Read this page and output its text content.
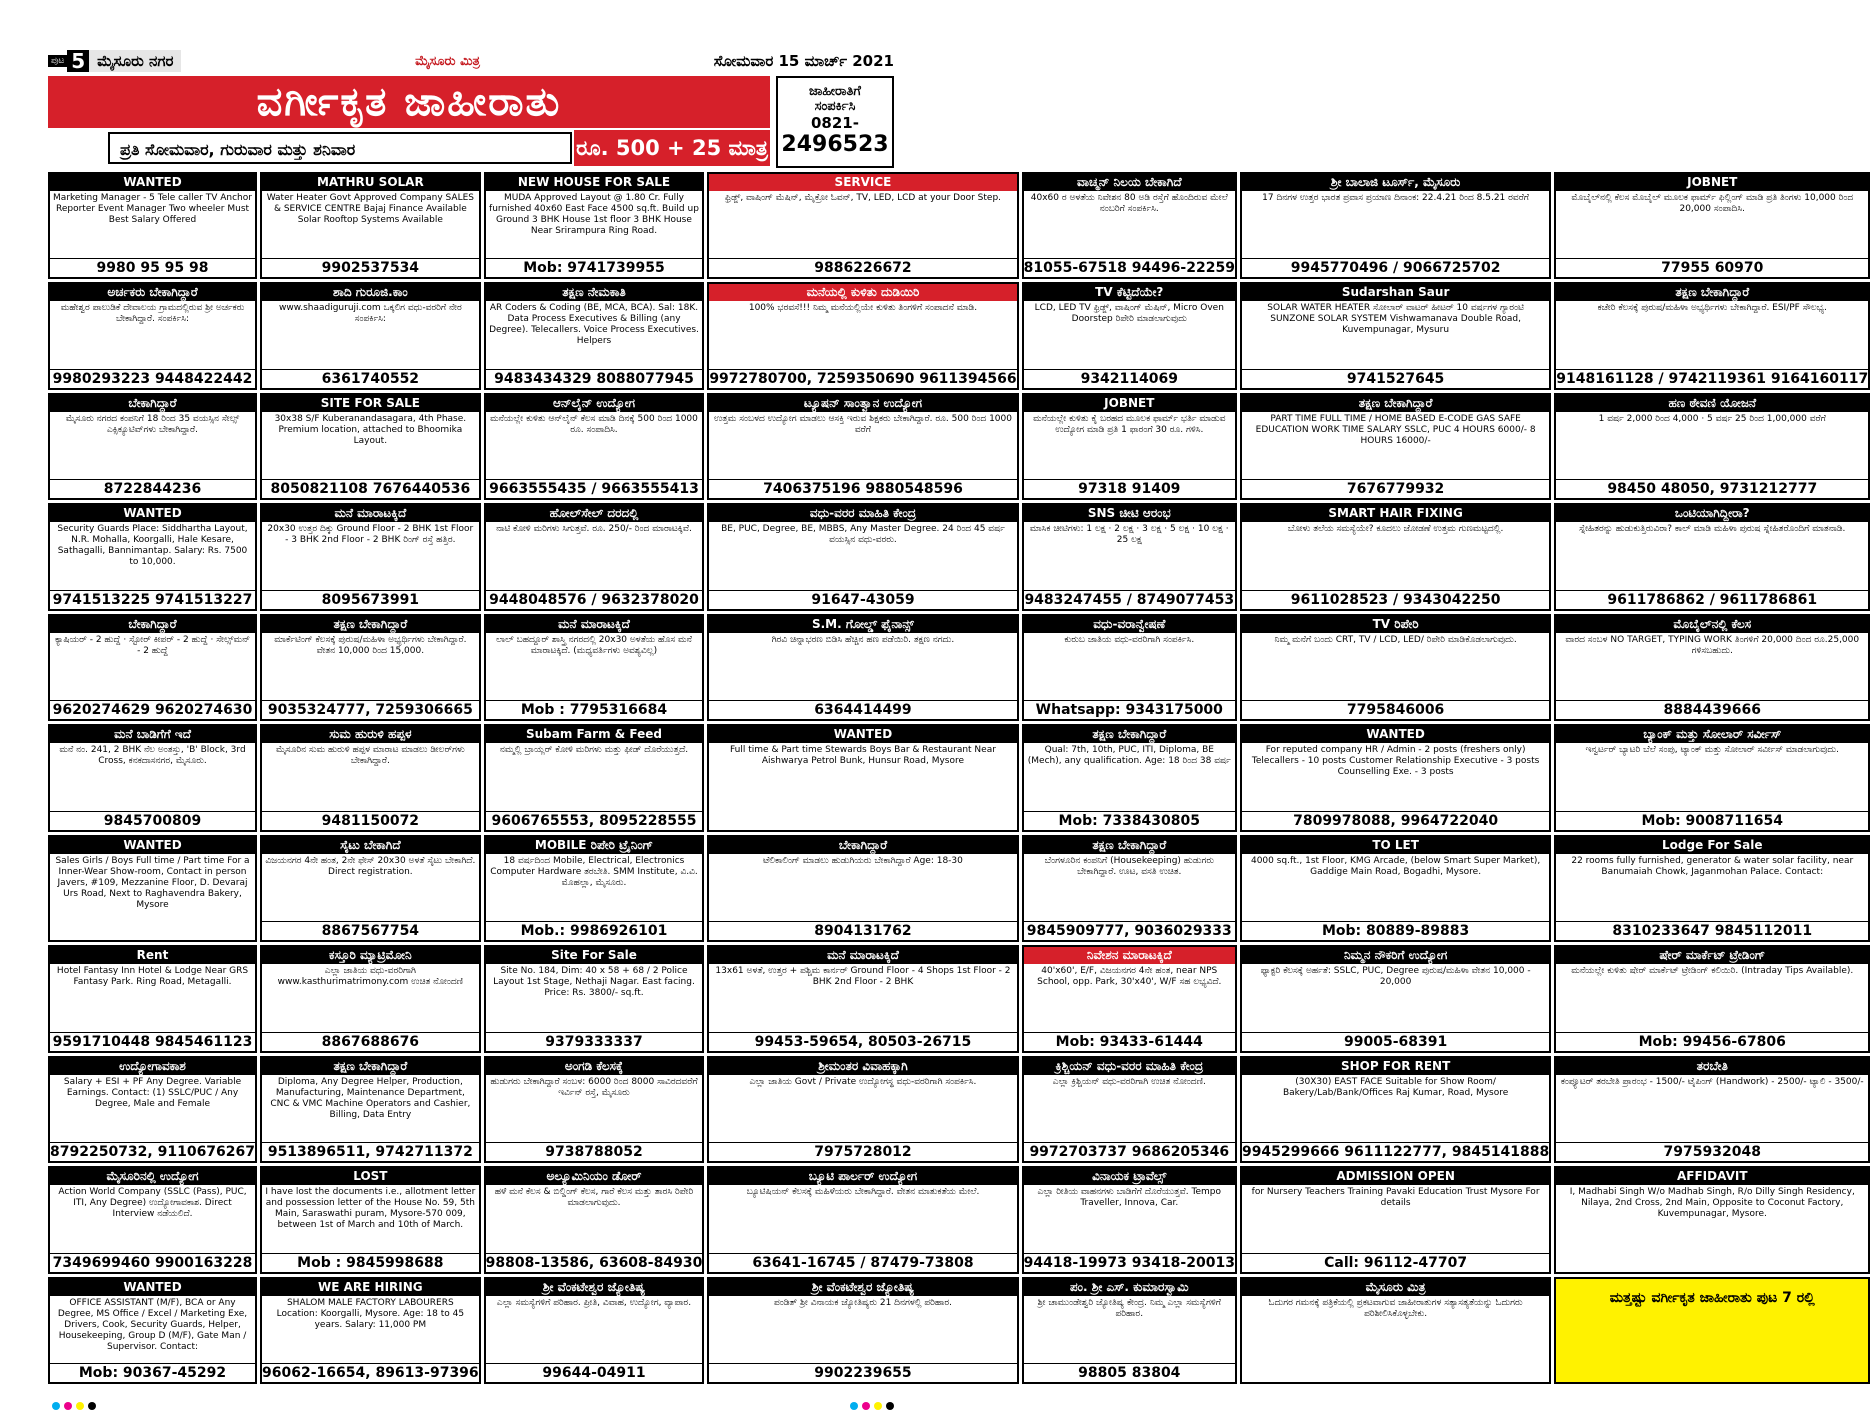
ಪುಟ 5 ಮೈಸೂರು ನಗರ	ಮೈಸೂರು ಮಿತ್ರ	ಸೋಮವಾರ 15 ಮಾರ್ಚ್ 2021
ವರ್ಗೀಕೃತ ಜಾಹೀರಾತು
ಪ್ರತಿ ಸೋಮವಾರ, ಗುರುವಾರ ಮತ್ತು ಶನಿವಾರ	ರೂ. 500 + 25 ಮಾತ್ರ
ಜಾಹೀರಾತಿಗೆ
ಸಂಪರ್ಕಿಸಿ
0821-
2496523
WANTED
Marketing Manager - 5 Tele caller TV Anchor Reporter Event Manager Two wheeler Must Best Salary Offered
9980 95 95 98
MATHRU SOLAR
Water Heater Govt Approved Company SALES & SERVICE CENTRE Bajaj Finance Available Solar Rooftop Systems Available
9902537534
NEW HOUSE FOR SALE
MUDA Approved Layout @ 1.80 Cr. Fully furnished 40x60 East Face 4500 sq.ft. Build up Ground 3 BHK House 1st floor 3 BHK House Near Srirampura Ring Road.
Mob: 9741739955
SERVICE
ಫ್ರಿಡ್ಜ್, ವಾಷಿಂಗ್ ಮೆಷಿನ್, ಮೈಕ್ರೋ ಓವನ್, TV, LED, LCD at your Door Step.
9886226672
ವಾಚ್ಮನ್ ನಿಲಯ ಬೇಕಾಗಿದೆ
40x60 ರ ಅಳತೆಯ ನಿವೇಶನ 80 ಅಡಿ ರಸ್ತೆಗೆ ಹೊಂದಿರುವ ಮೇಲೆ ನಂಬರಿಗೆ ಸಂಪರ್ಕಿಸಿ.
81055-67518 94496-22259
ಶ್ರೀ ಬಾಲಾಜಿ ಟೂರ್ಸ್, ಮೈಸೂರು
17 ದಿನಗಳ ಉತ್ತರ ಭಾರತ ಪ್ರವಾಸ ಪ್ರಯಾಣ ದಿನಾಂಕ: 22.4.21 ರಿಂದ 8.5.21 ರವರೆಗೆ
9945770496 / 9066725702
JOBNET
ಮೊಬೈಲ್‌ನಲ್ಲಿ ಕೆಲಸ ಮೊಬೈಲ್ ಮೂಲಕ ಫಾರ್ಮ್ ಫಿಲ್ಲಿಂಗ್ ಮಾಡಿ ಪ್ರತಿ ತಿಂಗಳು 10,000 ರಿಂದ 20,000 ಸಂಪಾದಿಸಿ.
77955 60970
ಅರ್ಚಕರು ಬೇಕಾಗಿದ್ದಾರೆ
ಮಹೇಶ್ವರ ಪಾಲುಡಿಕೆ ದೇವಾಲಯ ಗ್ರಾಮದಲ್ಲಿರುವ ಶ್ರೀ ಅರ್ಚಕರು ಬೇಕಾಗಿದ್ದಾರೆ. ಸಂಪರ್ಕಿಸಿ:
9980293223 9448422442
ಶಾದಿ ಗುರೂಜಿ.ಕಾಂ
www.shaadiguruji.com ಒಕ್ಕಲಿಗ ವಧು-ವರರಿಗೆ ನೇರ ಸಂಪರ್ಕಿಸಿ:
6361740552
ತಕ್ಷಣ ನೇಮಕಾತಿ
AR Coders & Coding (BE, MCA, BCA). Sal: 18K. Data Process Executives & Billing (any Degree). Telecallers. Voice Process Executives. Helpers
9483434329 8088077945
ಮನೆಯಲ್ಲಿ ಕುಳಿತು ದುಡಿಯಿರಿ
100% ಭರವಸೆ!!! ನಿಮ್ಮ ಮನೆಯಲ್ಲಿಯೇ ಕುಳಿತು ತಿಂಗಳಿಗೆ ಸಂಪಾದನೆ ಮಾಡಿ.
9972780700, 7259350690 9611394566
TV ಕೆಟ್ಟಿದೆಯೇ?
LCD, LED TV ಫ್ರಿಡ್ಜ್, ವಾಷಿಂಗ್ ಮೆಷಿನ್, Micro Oven Doorstep ರಿಪೇರಿ ಮಾಡಲಾಗುವುದು
9342114069
Sudarshan Saur
SOLAR WATER HEATER ಸೋಲಾರ್ ವಾಟರ್ ಹೀಟರ್ 10 ವರ್ಷಗಳ ಗ್ಯಾರಂಟಿ SUNZONE SOLAR SYSTEM Vishwamanava Double Road, Kuvempunagar, Mysuru
9741527645
ತಕ್ಷಣ ಬೇಕಾಗಿದ್ದಾರೆ
ಕಚೇರಿ ಕೆಲಸಕ್ಕೆ ಪುರುಷ/ಮಹಿಳಾ ಅಭ್ಯರ್ಥಿಗಳು ಬೇಕಾಗಿದ್ದಾರೆ. ESI/PF ಸೌಲಭ್ಯ.
9148161128 / 9742119361 9164160117
ಬೇಕಾಗಿದ್ದಾರೆ
ಮೈಸೂರು ನಗರದ ಕಂಪನಿಗೆ 18 ರಿಂದ 35 ವಯಸ್ಸಿನ ಸೇಲ್ಸ್ ಎಕ್ಸಿಕ್ಯೂಟಿವ್‌ಗಳು ಬೇಕಾಗಿದ್ದಾರೆ.
8722844236
SITE FOR SALE
30x38 S/F Kuberanandasagara, 4th Phase. Premium location, attached to Bhoomika Layout.
8050821108 7676440536
ಆನ್‌ಲೈನ್ ಉದ್ಯೋಗ
ಮನೆಯಲ್ಲೇ ಕುಳಿತು ಆನ್‌ಲೈನ್ ಕೆಲಸ ಮಾಡಿ ದಿನಕ್ಕೆ 500 ರಿಂದ 1000 ರೂ. ಸಂಪಾದಿಸಿ.
9663555435 / 9663555413
ಟ್ಯೂಷನ್ ಸಾಂತ್ವಾನ ಉದ್ಯೋಗ
ಉತ್ತಮ ಸಂಬಳದ ಉದ್ಯೋಗ ಮಾಡಲು ಆಸಕ್ತಿ ಇರುವ ಶಿಕ್ಷಕರು ಬೇಕಾಗಿದ್ದಾರೆ. ರೂ. 500 ರಿಂದ 1000 ವರೆಗೆ
7406375196 9880548596
JOBNET
ಮನೆಯಲ್ಲೇ ಕುಳಿತು ಕೈ ಬರಹದ ಮೂಲಕ ಫಾರ್ಮ್ ಭರ್ತಿ ಮಾಡುವ ಉದ್ಯೋಗ ಮಾಡಿ ಪ್ರತಿ 1 ಫಾರಂಗೆ 30 ರೂ. ಗಳಿಸಿ.
97318 91409
ತಕ್ಷಣ ಬೇಕಾಗಿದ್ದಾರೆ
PART TIME FULL TIME / HOME BASED E-CODE GAS SAFE EDUCATION WORK TIME SALARY SSLC, PUC 4 HOURS 6000/- 8 HOURS 16000/-
7676779932
ಹಣ ಠೇವಣಿ ಯೋಜನೆ
1 ವರ್ಷ 2,000 ರಿಂದ 4,000 · 5 ವರ್ಷ 25 ರಿಂದ 1,00,000 ವರೆಗೆ
98450 48050, 9731212777
WANTED
Security Guards Place: Siddhartha Layout, N.R. Mohalla, Koorgalli, Hale Kesare, Sathagalli, Bannimantap. Salary: Rs. 7500 to 10,000.
9741513225 9741513227
ಮನೆ ಮಾರಾಟಕ್ಕಿದೆ
20x30 ಉತ್ತರ ದಿಕ್ಕು Ground Floor - 2 BHK 1st Floor - 3 BHK 2nd Floor - 2 BHK ರಿಂಗ್ ರಸ್ತೆ ಹತ್ತಿರ.
8095673991
ಹೋಲ್‌ಸೇಲ್ ದರದಲ್ಲಿ
ನಾಟಿ ಕೋಳಿ ಮರಿಗಳು ಸಿಗುತ್ತವೆ. ರೂ. 250/- ರಿಂದ ಮಾರಾಟಕ್ಕಿವೆ.
9448048576 / 9632378020
ವಧು-ವರರ ಮಾಹಿತಿ ಕೇಂದ್ರ
BE, PUC, Degree, BE, MBBS, Any Master Degree. 24 ರಿಂದ 45 ವರ್ಷ ವಯಸ್ಸಿನ ವಧು-ವರರು.
91647-43059
SNS ಚೀಟಿ ಆರಂಭ
ಮಾಸಿಕ ಚೀಟಿಗಳು: 1 ಲಕ್ಷ · 2 ಲಕ್ಷ · 3 ಲಕ್ಷ · 5 ಲಕ್ಷ · 10 ಲಕ್ಷ · 25 ಲಕ್ಷ
9483247455 / 8749077453
SMART HAIR FIXING
ಬೋಳು ತಲೆಯ ಸಮಸ್ಯೆಯೇ? ಕೂದಲು ಜೋಡಣೆ ಉತ್ತಮ ಗುಣಮಟ್ಟದಲ್ಲಿ.
9611028523 / 9343042250
ಒಂಟಿಯಾಗಿದ್ದೀರಾ?
ಸ್ನೇಹಿತರನ್ನು ಹುಡುಕುತ್ತಿರುವಿರಾ? ಕಾಲ್ ಮಾಡಿ ಮಹಿಳಾ ಪುರುಷ ಸ್ನೇಹಿತರೊಂದಿಗೆ ಮಾತನಾಡಿ.
9611786862 / 9611786861
ಬೇಕಾಗಿದ್ದಾರೆ
ಕ್ಯಾಷಿಯರ್ - 2 ಹುದ್ದೆ · ಸ್ಟೋರ್ ಕೀಪರ್ - 2 ಹುದ್ದೆ · ಸೇಲ್ಸ್‌ಮನ್ - 2 ಹುದ್ದೆ
9620274629 9620274630
ತಕ್ಷಣ ಬೇಕಾಗಿದ್ದಾರೆ
ಮಾರ್ಕೆಟಿಂಗ್ ಕೆಲಸಕ್ಕೆ ಪುರುಷ/ಮಹಿಳಾ ಅಭ್ಯರ್ಥಿಗಳು ಬೇಕಾಗಿದ್ದಾರೆ. ವೇತನ 10,000 ರಿಂದ 15,000.
9035324777, 7259306665
ಮನೆ ಮಾರಾಟಕ್ಕಿದೆ
ಲಾಲ್ ಬಹದ್ದೂರ್ ಶಾಸ್ತ್ರಿ ನಗರದಲ್ಲಿ 20x30 ಅಳತೆಯ ಹೊಸ ಮನೆ ಮಾರಾಟಕ್ಕಿದೆ. (ಮಧ್ಯವರ್ತಿಗಳು ಅವಶ್ಯವಿಲ್ಲ)
Mob : 7795316684
S.M. ಗೋಲ್ಡ್ ಫೈನಾನ್ಸ್
ಗಿರವಿ ಚಿನ್ನಾಭರಣ ಬಿಡಿಸಿ ಹೆಚ್ಚಿನ ಹಣ ಪಡೆಯಿರಿ. ತಕ್ಷಣ ನಗದು.
6364414499
ವಧು-ವರಾನ್ವೇಷಣೆ
ಕುರುಬ ಜಾತಿಯ ವಧು-ವರರಿಗಾಗಿ ಸಂಪರ್ಕಿಸಿ.
Whatsapp: 9343175000
TV ರಿಪೇರಿ
ನಿಮ್ಮ ಮನೆಗೆ ಬಂದು CRT, TV / LCD, LED/ ರಿಪೇರಿ ಮಾಡಿಕೊಡಲಾಗುವುದು.
7795846006
ಮೊಬೈಲ್‌ನಲ್ಲಿ ಕೆಲಸ
ವಾರದ ಸಂಬಳ NO TARGET, TYPING WORK ತಿಂಗಳಿಗೆ 20,000 ದಿಂದ ರೂ.25,000 ಗಳಿಸಬಹುದು.
8884439666
ಮನೆ ಬಾಡಿಗೆಗೆ ಇದೆ
ಮನೆ ನಂ. 241, 2 BHK ನೆಲ ಅಂತಸ್ತು, 'B' Block, 3rd Cross, ಕನಕದಾಸನಗರ, ಮೈಸೂರು.
9845700809
ಸುಮ ಹುರುಳಿ ಹಪ್ಪಳ
ಮೈಸೂರಿನ ಸುಮ ಹುರುಳಿ ಹಪ್ಪಳ ಮಾರಾಟ ಮಾಡಲು ಡೀಲರ್‌ಗಳು ಬೇಕಾಗಿದ್ದಾರೆ.
9481150072
Subam Farm & Feed
ನಮ್ಮಲ್ಲಿ ಬ್ರಾಯ್ಲರ್ ಕೋಳಿ ಮರಿಗಳು ಮತ್ತು ಫೀಡ್ ದೊರೆಯುತ್ತದೆ.
9606765553, 8095228555
WANTED
Full time & Part time Stewards Boys Bar & Restaurant Near Aishwarya Petrol Bunk, Hunsur Road, Mysore
ತಕ್ಷಣ ಬೇಕಾಗಿದ್ದಾರೆ
Qual: 7th, 10th, PUC, ITI, Diploma, BE (Mech), any qualification. Age: 18 ರಿಂದ 38 ವರ್ಷ
Mob: 7338430805
WANTED
For reputed company HR / Admin - 2 posts (freshers only) Telecallers - 10 posts Customer Relationship Executive - 3 posts Counselling Exe. - 3 posts
7809978088, 9964722040
ಬ್ಯಾಂಕ್ ಮತ್ತು ಸೋಲಾರ್ ಸರ್ವೀಸ್
ಇನ್ವರ್ಟರ್ ಬ್ಯಾಟರಿ ಬೆಲೆ ಸಂಪು, ಟ್ಯಾಂಕ್ ಮತ್ತು ಸೋಲಾರ್ ಸರ್ವೀಸ್ ಮಾಡಲಾಗುವುದು.
Mob: 9008711654
WANTED
Sales Girls / Boys Full time / Part time For a Inner-Wear Show-room, Contact in person Javers, #109, Mezzanine Floor, D. Devaraj Urs Road, Next to Raghavendra Bakery, Mysore
ಸೈಟು ಬೇಕಾಗಿದೆ
ವಿಜಯನಗರ 4ನೇ ಹಂತ, 2ನೇ ಫೇಸ್ 20x30 ಅಳತೆ ಸೈಟು ಬೇಕಾಗಿದೆ. Direct registration.
8867567754
MOBILE ರಿಪೇರಿ ಟ್ರೈನಿಂಗ್
18 ವರ್ಷದಿಂದ Mobile, Electrical, Electronics Computer Hardware ತರಬೇತಿ. SMM Institute, ವಿ.ವಿ. ಮೊಹಲ್ಲಾ, ಮೈಸೂರು.
Mob.: 9986926101
ಬೇಕಾಗಿದ್ದಾರೆ
ಟೆಲಿಕಾಲಿಂಗ್ ಮಾಡಲು ಹುಡುಗಿಯರು ಬೇಕಾಗಿದ್ದಾರೆ Age: 18-30
8904131762
ತಕ್ಷಣ ಬೇಕಾಗಿದ್ದಾರೆ
ಬೆಂಗಳೂರಿನ ಕಂಪನಿಗೆ (Housekeeping) ಹುಡುಗರು ಬೇಕಾಗಿದ್ದಾರೆ. ಊಟ, ವಸತಿ ಉಚಿತ.
9845909777, 9036029333
TO LET
4000 sq.ft., 1st Floor, KMG Arcade, (below Smart Super Market), Gaddige Main Road, Bogadhi, Mysore.
Mob: 80889-89883
Lodge For Sale
22 rooms fully furnished, generator & water solar facility, near Banumaiah Chowk, Jaganmohan Palace. Contact:
8310233647 9845112011
Rent
Hotel Fantasy Inn Hotel & Lodge Near GRS Fantasy Park. Ring Road, Metagalli.
9591710448 9845461123
ಕಸ್ತೂರಿ ಮ್ಯಾಟ್ರಿಮೋನಿ
ಎಲ್ಲಾ ಜಾತಿಯ ವಧು-ವರರಿಗಾಗಿ www.kasthurimatrimony.com ಉಚಿತ ನೋಂದಣಿ
8867688676
Site For Sale
Site No. 184, Dim: 40 x 58 + 68 / 2 Police Layout 1st Stage, Nethaji Nagar. East facing. Price: Rs. 3800/- sq.ft.
9379333337
ಮನೆ ಮಾರಾಟಕ್ಕಿದೆ
13x61 ಅಳತೆ, ಉತ್ತರ + ಪಶ್ಚಿಮ ಕಾರ್ನರ್ Ground Floor - 4 Shops 1st Floor - 2 BHK 2nd Floor - 2 BHK
99453-59654, 80503-26715
ನಿವೇಶನ ಮಾರಾಟಕ್ಕಿದೆ
40'x60', E/F, ವಿಜಯನಗರ 4ನೇ ಹಂತ, near NPS School, opp. Park, 30'x40', W/F ಸಹ ಲಭ್ಯವಿದೆ.
Mob: 93433-61444
ನಿಮ್ಮನ ನೌಕರಿಗೆ ಉದ್ಯೋಗ
ಫ್ಯಾಕ್ಟರಿ ಕೆಲಸಕ್ಕೆ ಅರ್ಹತೆ: SSLC, PUC, Degree ಪುರುಷ/ಮಹಿಳಾ ವೇತನ 10,000 - 20,000
99005-68391
ಷೇರ್ ಮಾರ್ಕೆಟ್ ಟ್ರೇಡಿಂಗ್
ಮನೆಯಲ್ಲೇ ಕುಳಿತು ಷೇರ್ ಮಾರ್ಕೆಟ್ ಟ್ರೇಡಿಂಗ್ ಕಲಿಯಿರಿ. (Intraday Tips Available).
Mob: 99456-67806
ಉದ್ಯೋಗಾವಕಾಶ
Salary + ESI + PF Any Degree. Variable Earnings. Contact: (1) SSLC/PUC / Any Degree, Male and Female
8792250732, 9110676267
ತಕ್ಷಣ ಬೇಕಾಗಿದ್ದಾರೆ
Diploma, Any Degree Helper, Production, Manufacturing, Maintenance Department, CNC & VMC Machine Operators and Cashier, Billing, Data Entry
9513896511, 9742711372
ಅಂಗಡಿ ಕೆಲಸಕ್ಕೆ
ಹುಡುಗರು ಬೇಕಾಗಿದ್ದಾರೆ ಸಂಬಳ: 6000 ರಿಂದ 8000 ಸಾವಿರದವರೆಗೆ ಇರ್ವಿನ್ ರಸ್ತೆ, ಮೈಸೂರು
9738788052
ಶ್ರೀಮಂತರ ವಿವಾಹಕ್ಕಾಗಿ
ಎಲ್ಲಾ ಜಾತಿಯ Govt / Private ಉದ್ಯೋಗಸ್ಥ ವಧು-ವರರಿಗಾಗಿ ಸಂಪರ್ಕಿಸಿ.
7975728012
ಕ್ರಿಶ್ಚಿಯನ್ ವಧು-ವರರ ಮಾಹಿತಿ ಕೇಂದ್ರ
ಎಲ್ಲಾ ಕ್ರಿಶ್ಚಿಯನ್ ವಧು-ವರರಿಗಾಗಿ ಉಚಿತ ನೋಂದಣಿ.
9972703737 9686205346
SHOP FOR RENT
(30X30) EAST FACE Suitable for Show Room/ Bakery/Lab/Bank/Offices Raj Kumar, Road, Mysore
9945299666 9611122777, 9845141888
ತರಬೇತಿ
ಕಂಪ್ಯೂಟರ್ ತರಬೇತಿ ಪ್ರಾರಂಭ - 1500/- ಟೈಪಿಂಗ್ (Handwork) - 2500/- ಟ್ಯಾಲಿ - 3500/-
7975932048
ಮೈಸೂರಿನಲ್ಲಿ ಉದ್ಯೋಗ
Action World Company (SSLC (Pass), PUC, ITI, Any Degree) ಉದ್ಯೋಗಾವಕಾಶ. Direct Interview ನಡೆಯಲಿದೆ.
7349699460 9900163228
LOST
I have lost the documents i.e., allotment letter and possession letter of the House No. 59, 5th Main, Saraswathi puram, Mysore-570 009, between 1st of March and 10th of March.
Mob : 9845998688
ಅಲ್ಯೂಮಿನಿಯಂ ಡೋರ್
ಹಳೆ ಮನೆ ಕೆಲಸ & ಬಿಲ್ಡಿಂಗ್ ಕೆಲಸ, ಗಾರೆ ಕೆಲಸ ಮತ್ತು ತಾರಸಿ ರಿಪೇರಿ ಮಾಡಲಾಗುವುದು.
98808-13586, 63608-84930
ಬ್ಯೂಟಿ ಪಾರ್ಲರ್ ಉದ್ಯೋಗ
ಬ್ಯೂಟಿಷಿಯನ್ ಕೆಲಸಕ್ಕೆ ಮಹಿಳೆಯರು ಬೇಕಾಗಿದ್ದಾರೆ. ವೇತನ ಮಾತುಕತೆಯ ಮೇಲೆ.
63641-16745 / 87479-73808
ವಿನಾಯಕ ಟ್ರಾವೆಲ್ಸ್
ಎಲ್ಲಾ ರೀತಿಯ ವಾಹನಗಳು ಬಾಡಿಗೆಗೆ ದೊರೆಯುತ್ತವೆ. Tempo Traveller, Innova, Car.
94418-19973 93418-20013
ADMISSION OPEN
for Nursery Teachers Training Pavaki Education Trust Mysore For details
Call: 96112-47707
AFFIDAVIT
I, Madhabi Singh W/o Madhab Singh, R/o Dilly Singh Residency, Nilaya, 2nd Cross, 2nd Main, Opposite to Coconut Factory, Kuvempunagar, Mysore.
WANTED
OFFICE ASSISTANT (M/F), BCA or Any Degree, MS Office / Excel / Marketing Exe, Drivers, Cook, Security Guards, Helper, Housekeeping, Group D (M/F), Gate Man / Supervisor. Contact:
Mob: 90367-45292
WE ARE HIRING
SHALOM MALE FACTORY LABOURERS Location: Koorgalli, Mysore. Age: 18 to 45 years. Salary: 11,000 PM
96062-16654, 89613-97396
ಶ್ರೀ ವೆಂಕಟೇಶ್ವರ ಜ್ಯೋತಿಷ್ಯ
ಎಲ್ಲಾ ಸಮಸ್ಯೆಗಳಿಗೆ ಪರಿಹಾರ. ಪ್ರೀತಿ, ವಿವಾಹ, ಉದ್ಯೋಗ, ವ್ಯಾಪಾರ.
99644-04911
ಶ್ರೀ ವೆಂಕಟೇಶ್ವರ ಜ್ಯೋತಿಷ್ಯ
ಪಂಡಿತ್ ಶ್ರೀ ವಿನಾಯಕ ಜ್ಯೋತಿಷ್ಯರು 21 ದಿನಗಳಲ್ಲಿ ಪರಿಹಾರ.
9902239655
ಪಂ. ಶ್ರೀ ಎಸ್. ಕುಮಾರಸ್ವಾಮಿ
ಶ್ರೀ ಚಾಮುಂಡೇಶ್ವರಿ ಜ್ಯೋತಿಷ್ಯ ಕೇಂದ್ರ. ನಿಮ್ಮ ಎಲ್ಲಾ ಸಮಸ್ಯೆಗಳಿಗೆ ಪರಿಹಾರ.
98805 83804
ಮೈಸೂರು ಮಿತ್ರ
ಓದುಗರ ಗಮನಕ್ಕೆ ಪತ್ರಿಕೆಯಲ್ಲಿ ಪ್ರಕಟವಾಗುವ ಜಾಹೀರಾತುಗಳ ಸತ್ಯಾಸತ್ಯತೆಯನ್ನು ಓದುಗರು ಪರಿಶೀಲಿಸಿಕೊಳ್ಳಬೇಕು.
ಮತ್ತಷ್ಟು ವರ್ಗೀಕೃತ ಜಾಹೀರಾತು ಪುಟ 7 ರಲ್ಲಿ
